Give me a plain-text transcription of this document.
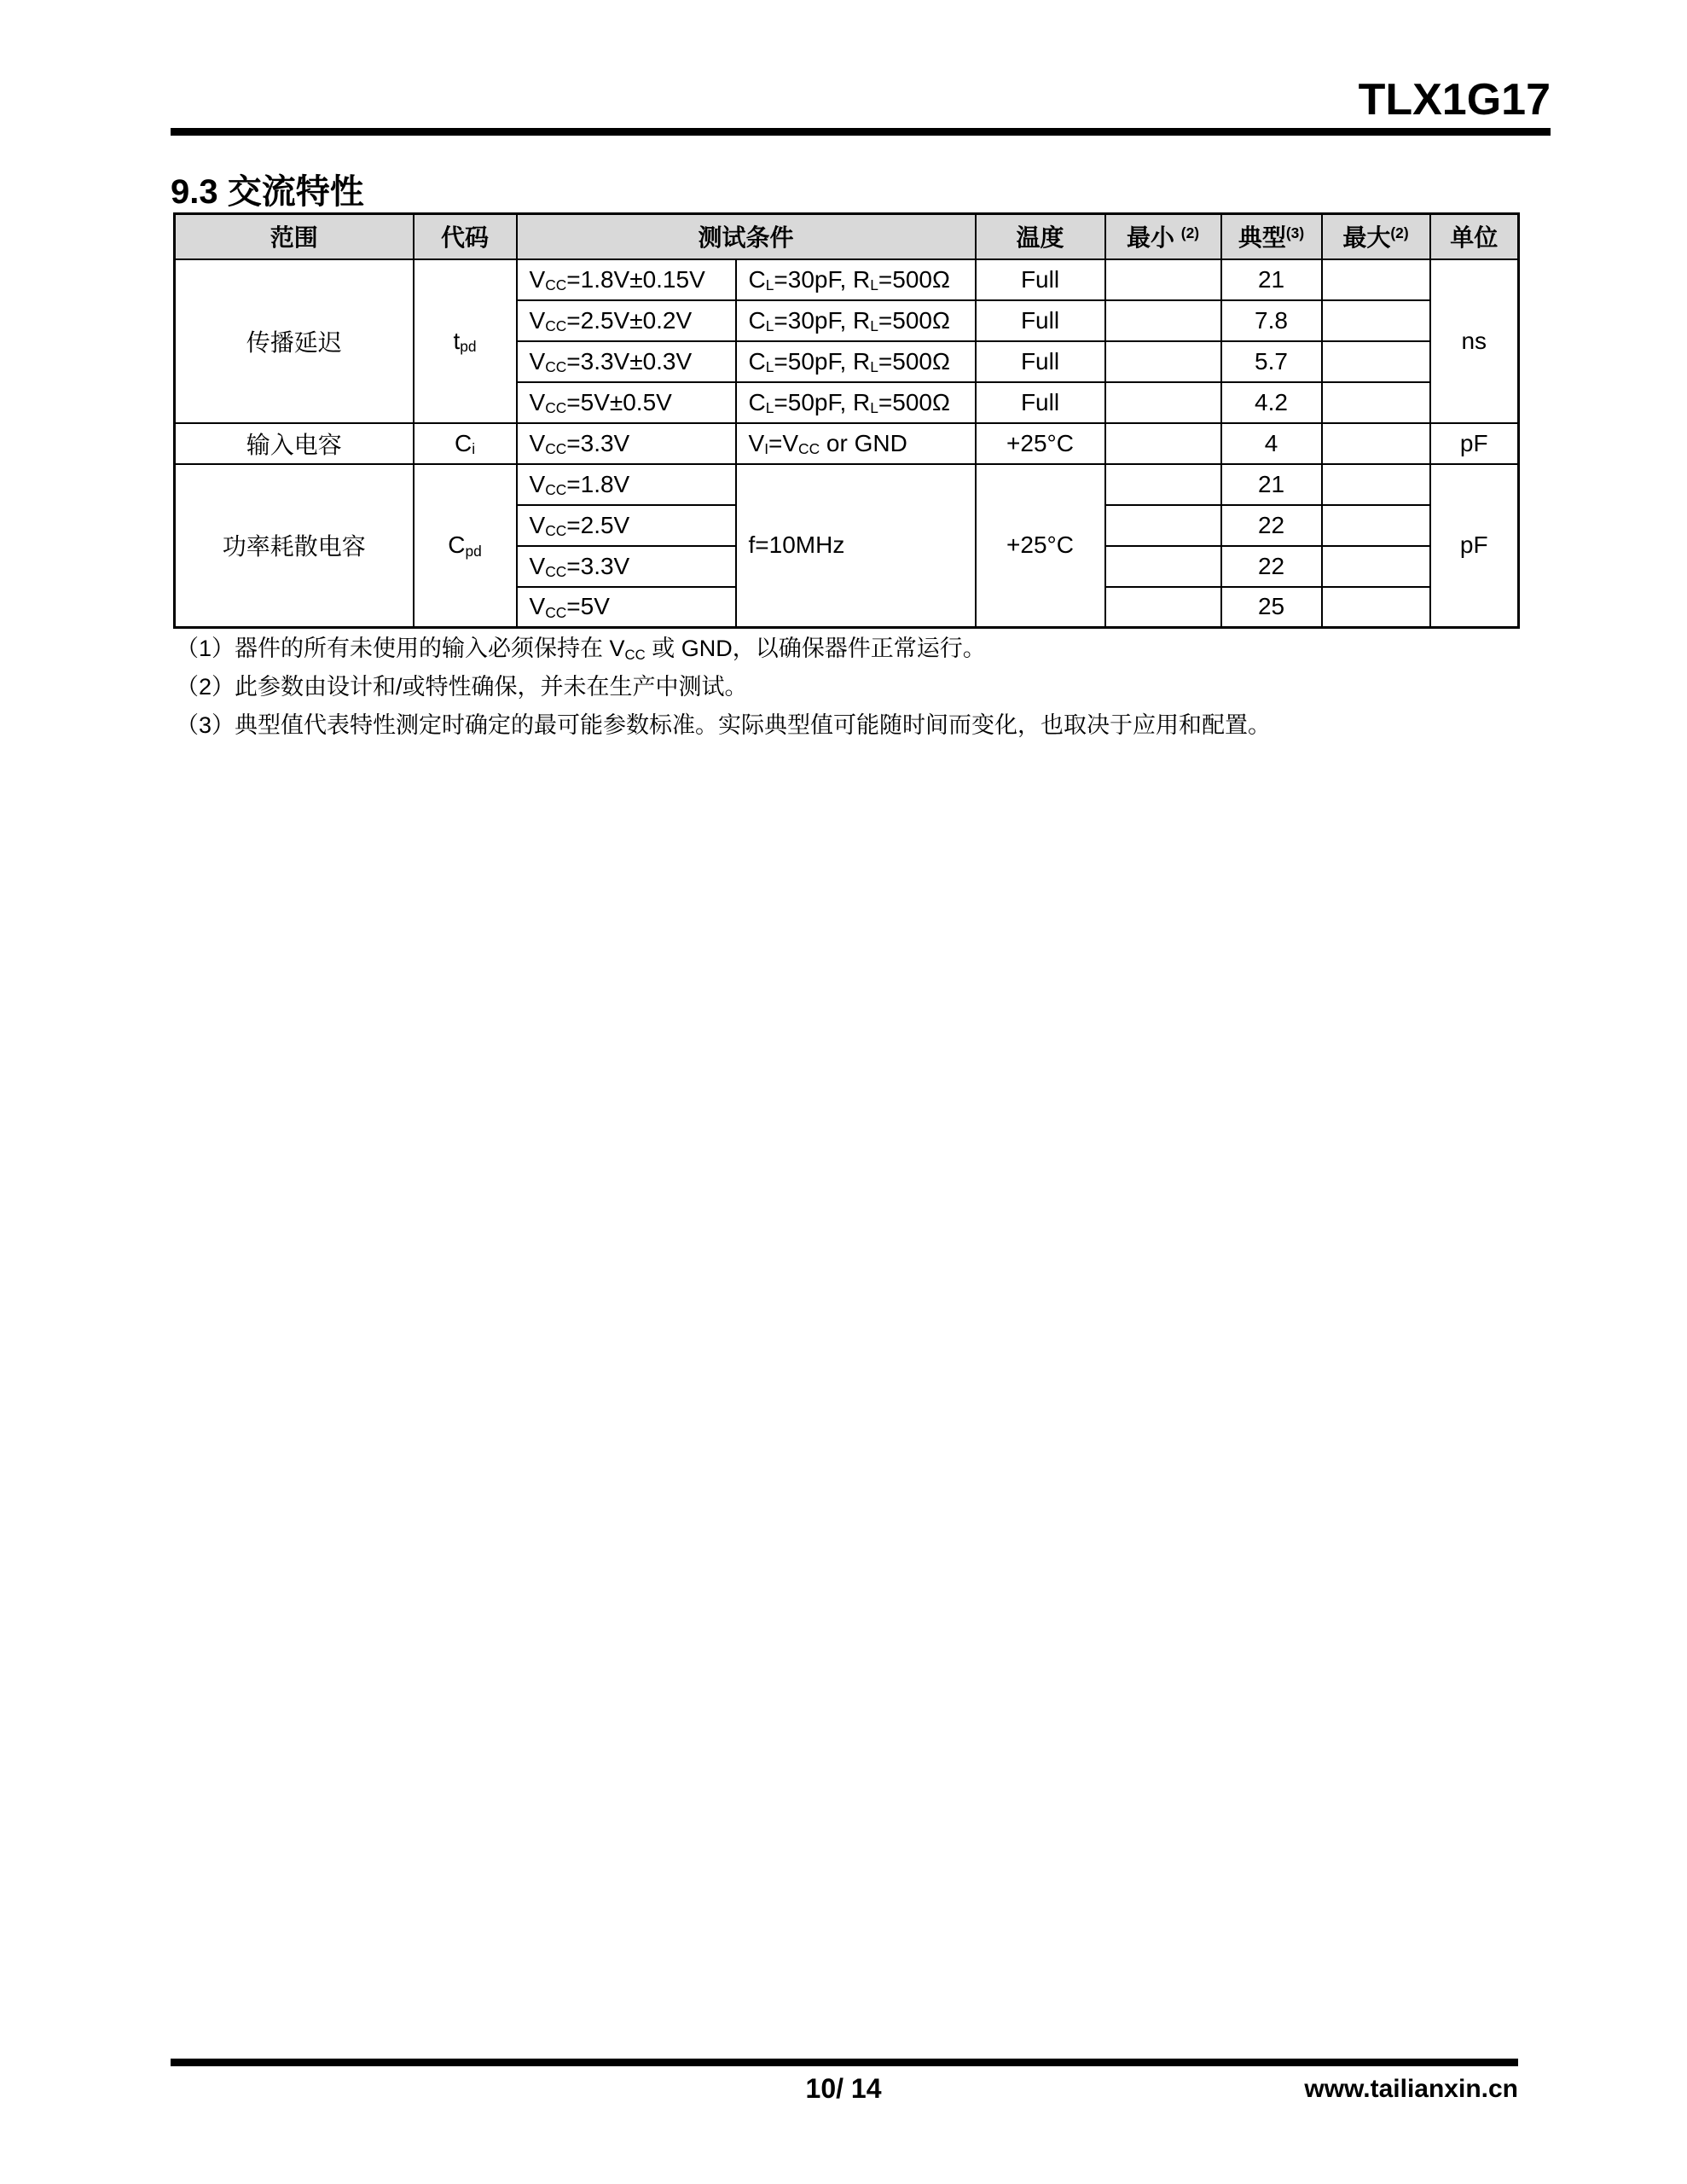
TLX1G17
9.3 交流特性
范围	代码	测试条件		温度	最小 $^{(2)}$	典型$^{(3)}$	最大$^{(2)}$	单位
传播延迟	$t_{pd}$	$V_{CC}=1.8V\pm 0.15V$	$C_L=30pF$, $R_L=500\Omega$	Full		21		ns
		$V_{CC}=2.5V\pm 0.2V$	$C_L=30pF$, $R_L=500\Omega$	Full		7.8		
		$V_{CC}=3.3V\pm 0.3V$	$C_L=50pF$, $R_L=500\Omega$	Full		5.7		
		$V_{CC}=5V\pm 0.5V$	$C_L=50pF$, $R_L=500\Omega$	Full		4.2		
输入电容	$C_i$	$V_{CC}=3.3V$	$V_I=V_{CC}$ or GND	+25°C		4		pF
功率耗散电容	$C_{pd}$	$V_{CC}=1.8V$	f=10MHz	+25°C		21		pF
		$V_{CC}=2.5V$				22		
		$V_{CC}=3.3V$				22		
		$V_{CC}=5V$				25		
（1）器件的所有未使用的输入必须保持在 $V_{CC}$ 或 GND，以确保器件正常运行。
（2）此参数由设计和/或特性确保，并未在生产中测试。
（3）典型值代表特性测定时确定的最可能参数标准。实际典型值可能随时间而变化，也取决于应用和配置。
10/ 14	www.tailianxin.cn
